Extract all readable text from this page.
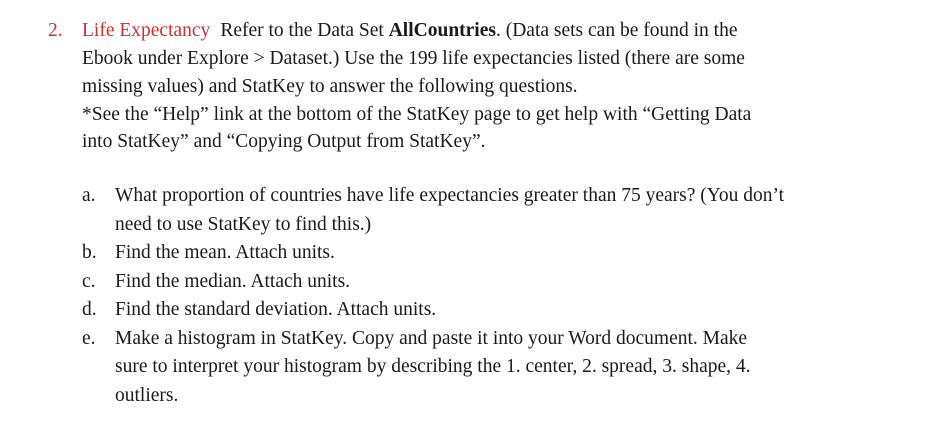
2. Life Expectancy Refer to the Data Set AllCountries. (Data sets can be found in the
Ebook under Explore > Dataset.) Use the 199 life expectancies listed (there are some
missing values) and StatKey to answer the following questions.
*See the “Help” link at the bottom of the StatKey page to get help with “Getting Data
into StatKey” and “Copying Output from StatKey”.
a. What proportion of countries have life expectancies greater than 75 years? (You don’t
need to use StatKey to find this.)
b. Find the mean. Attach units.
c. Find the median. Attach units.
d. Find the standard deviation. Attach units.
e. Make a histogram in StatKey. Copy and paste it into your Word document. Make
sure to interpret your histogram by describing the 1. center, 2. spread, 3. shape, 4.
outliers.
